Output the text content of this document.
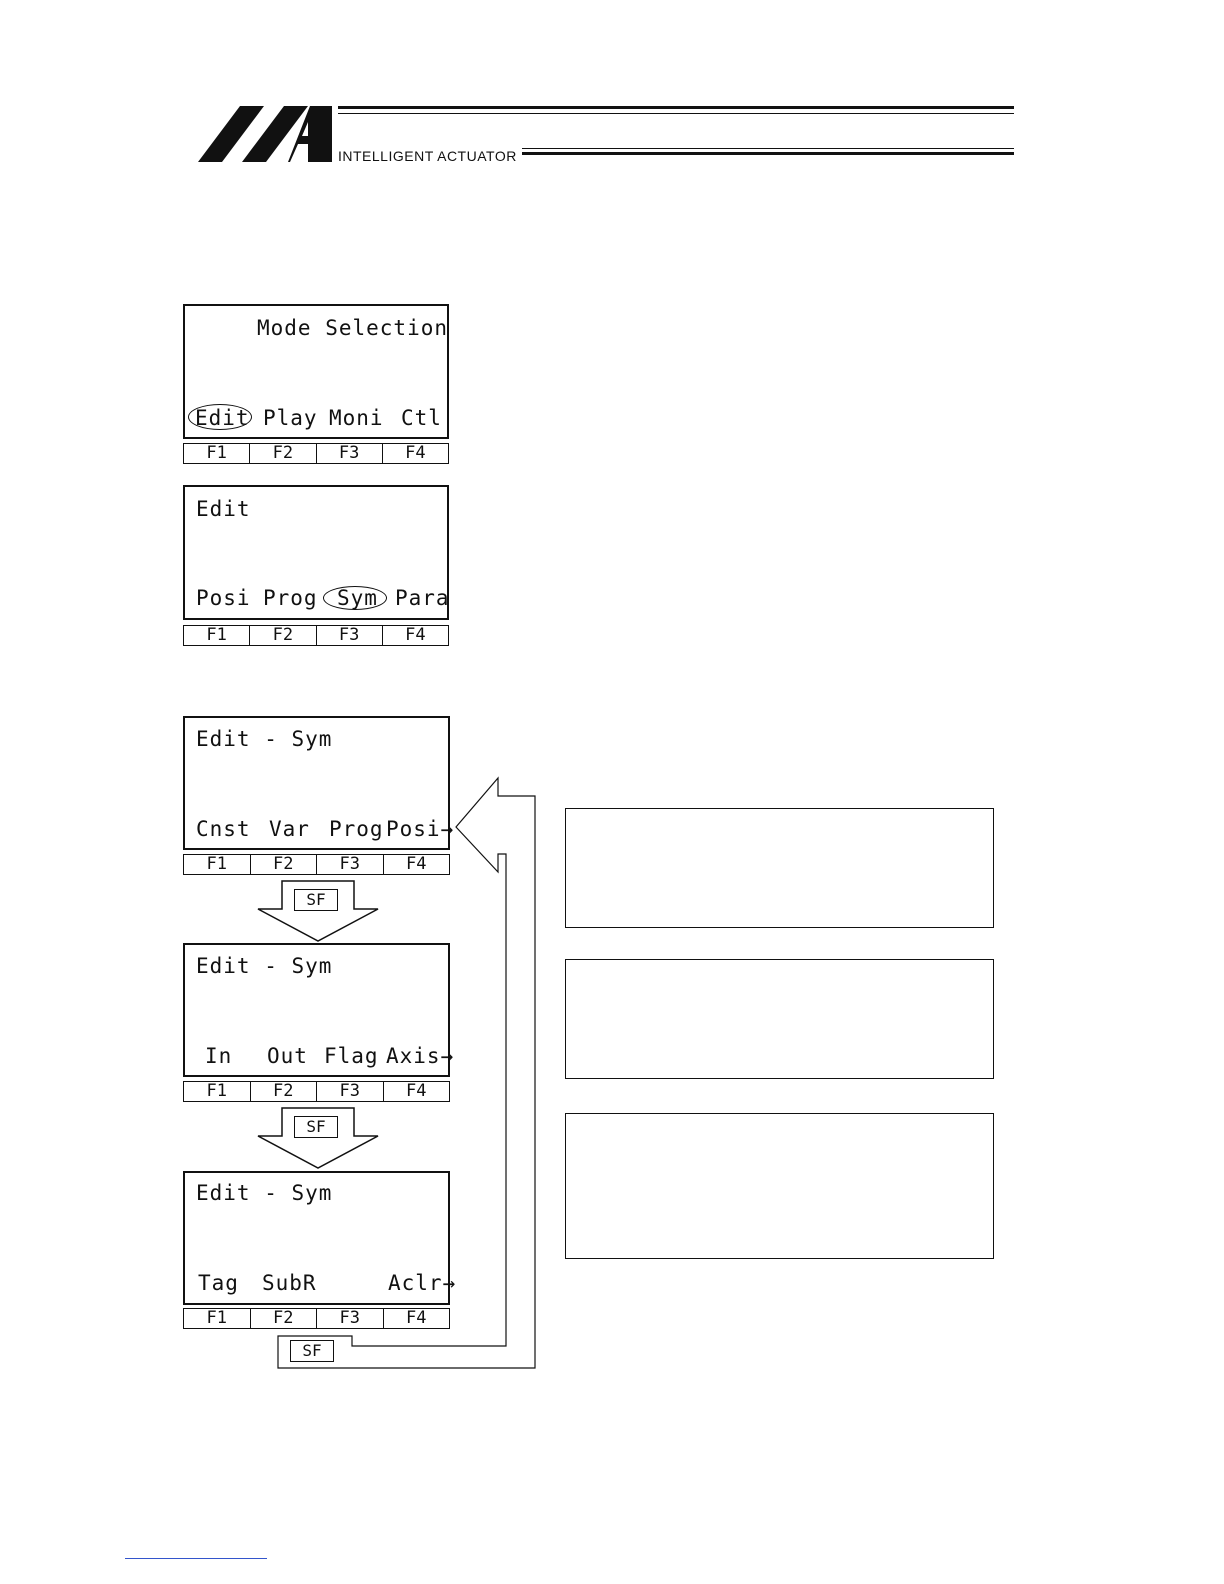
INTELLIGENT ACTUATOR
Mode Selection
Edit Play Moni Ctl
F1	F2	F3	F4
Edit
Posi Prog Sym Para
F1	F2	F3	F4
Edit - Sym
Cnst Var Prog Posi→
F1	F2	F3	F4
SF
Edit - Sym
In Out Flag Axis→
F1	F2	F3	F4
SF
Edit - Sym
Tag SubR	Aclr→
F1	F2	F3	F4
SF
